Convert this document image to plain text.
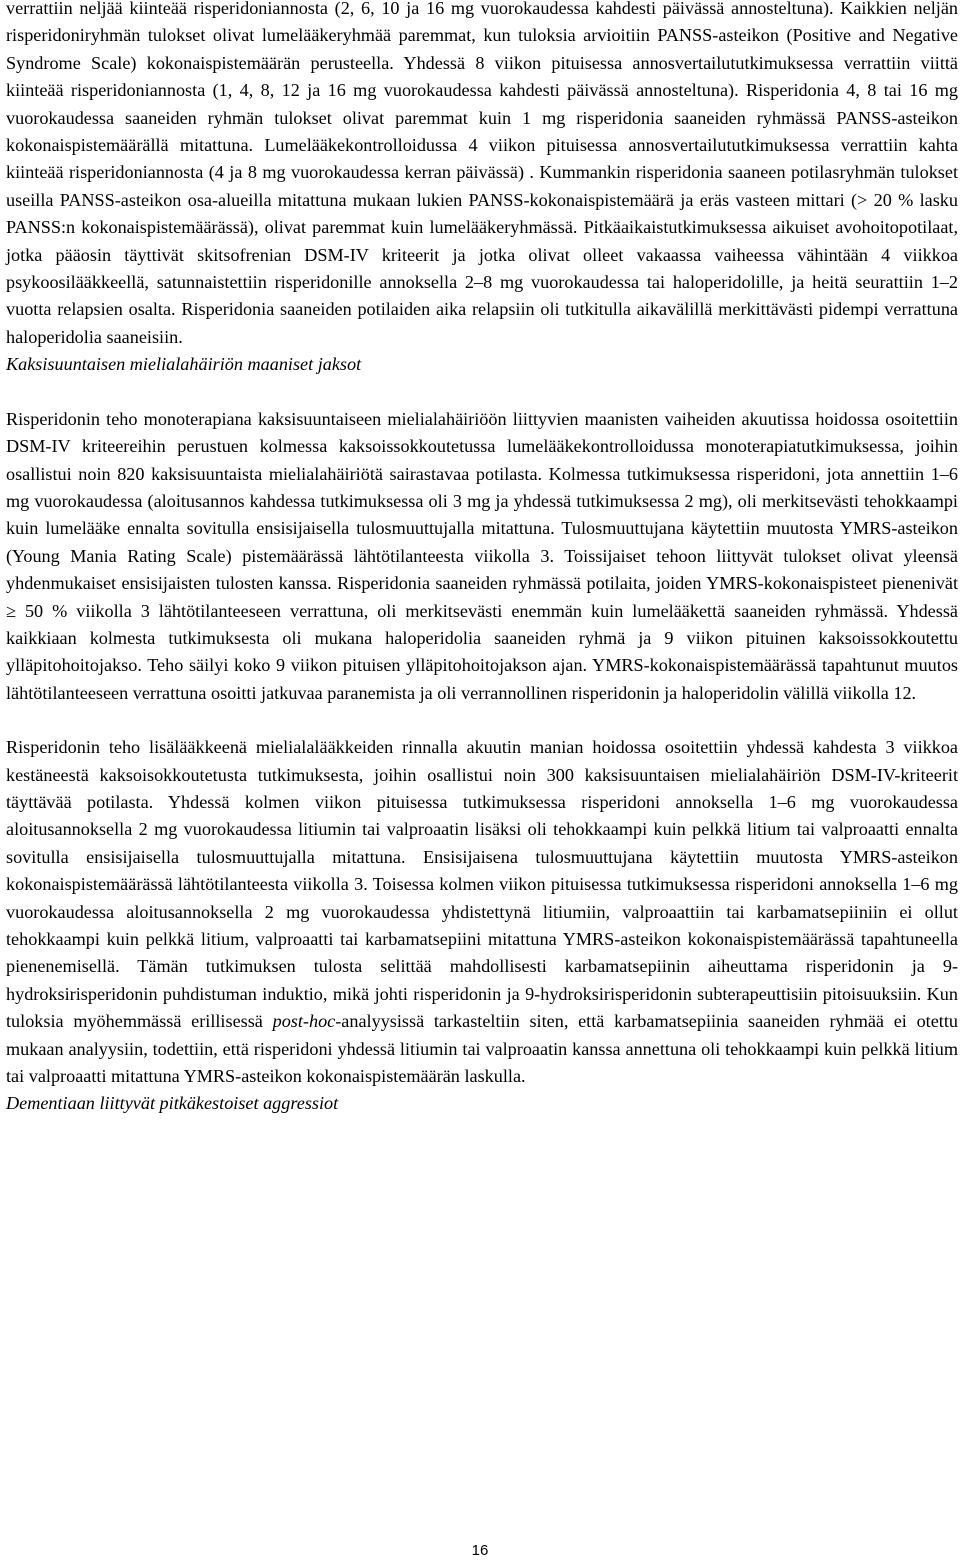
verrattiin neljää kiinteää risperidoniannosta (2, 6, 10 ja 16 mg vuorokaudessa kahdesti päivässä annosteltuna). Kaikkien neljän risperidoniryhmän tulokset olivat lumelääkeryhmää paremmat, kun tuloksia arvioitiin PANSS-asteikon (Positive and Negative Syndrome Scale) kokonaispistemäärän perusteella. Yhdessä 8 viikon pituisessa annosvertailututkimuksessa verrattiin viittä kiinteää risperidoniannosta (1, 4, 8, 12 ja 16 mg vuorokaudessa kahdesti päivässä annosteltuna). Risperidonia 4, 8 tai 16 mg vuorokaudessa saaneiden ryhmän tulokset olivat paremmat kuin 1 mg risperidonia saaneiden ryhmässä PANSS-asteikon kokonaispistemäärällä mitattuna. Lumelääkekontrolloidussa 4 viikon pituisessa annosvertailututkimuksessa verrattiin kahta kiinteää risperidoniannosta (4 ja 8 mg vuorokaudessa kerran päivässä) . Kummankin risperidonia saaneen potilasryhmän tulokset useilla PANSS-asteikon osa-alueilla mitattuna mukaan lukien PANSS-kokonaispistemäärä ja eräs vasteen mittari (> 20 % lasku PANSS:n kokonaispistemäärässä), olivat paremmat kuin lumelääkeryhmässä. Pitkäaikaistutkimuksessa aikuiset avohoitopotilaat, jotka pääosin täyttivät skitsofrenian DSM-IV kriteerit ja jotka olivat olleet vakaassa vaiheessa vähintään 4 viikkoa psykoosilääkkeellä, satunnaistettiin risperidonille annoksella 2–8 mg vuorokaudessa tai haloperidolille, ja heitä seurattiin 1–2 vuotta relapsien osalta. Risperidonia saaneiden potilaiden aika relapsiin oli tutkitulla aikavälillä merkittävästi pidempi verrattuna haloperidolia saaneisiin.

Kaksisuuntaisen mielialahäiriön maaniset jaksot

Risperidonin teho monoterapiana kaksisuuntaiseen mielialahäiriöön liittyvien maanisten vaiheiden akuutissa hoidossa osoitettiin DSM-IV kriteereihin perustuen kolmessa kaksoissokkoutetussa lumelääkekontrolloidussa monoterapiatutkimuksessa, joihin osallistui noin 820 kaksisuuntaista mielialahäiriötä sairastavaa potilasta. Kolmessa tutkimuksessa risperidoni, jota annettiin 1–6 mg vuorokaudessa (aloitusannos kahdessa tutkimuksessa oli 3 mg ja yhdessä tutkimuksessa 2 mg), oli merkitsevästi tehokkaampi kuin lumelääke ennalta sovitulla ensisijaisella tulosmuuttujalla mitattuna. Tulosmuuttujana käytettiin muutosta YMRS-asteikon (Young Mania Rating Scale) pistemäärässä lähtötilanteesta viikolla 3. Toissijaiset tehoon liittyvät tulokset olivat yleensä yhdenmukaiset ensisijaisten tulosten kanssa. Risperidonia saaneiden ryhmässä potilaita, joiden YMRS-kokonaispisteet pienenivät ≥ 50 % viikolla 3 lähtötilanteeseen verrattuna, oli merkitsevästi enemmän kuin lumelääkettä saaneiden ryhmässä. Yhdessä kaikkiaan kolmesta tutkimuksesta oli mukana haloperidolia saaneiden ryhmä ja 9 viikon pituinen kaksoissokkoutettu ylläpitohoitojakso. Teho säilyi koko 9 viikon pituisen ylläpitohoitojakson ajan. YMRS-kokonaispistemäärässä tapahtunut muutos lähtötilanteeseen verrattuna osoitti jatkuvaa paranemista ja oli verrannollinen risperidonin ja haloperidolin välillä viikolla 12.

Risperidonin teho lisälääkkeenä mielialalääkkeiden rinnalla akuutin manian hoidossa osoitettiin yhdessä kahdesta 3 viikkoa kestäneestä kaksoisokkoutetusta tutkimuksesta, joihin osallistui noin 300 kaksisuuntaisen mielialahäiriön DSM-IV-kriteerit täyttävää potilasta. Yhdessä kolmen viikon pituisessa tutkimuksessa risperidoni annoksella 1–6 mg vuorokaudessa aloitusannoksella 2 mg vuorokaudessa litiumin tai valproaatin lisäksi oli tehokkaampi kuin pelkkä litium tai valproaatti ennalta sovitulla ensisijaisella tulosmuuttujalla mitattuna. Ensisijaisena tulosmuuttujana käytettiin muutosta YMRS-asteikon kokonaispistemäärässä lähtötilanteesta viikolla 3. Toisessa kolmen viikon pituisessa tutkimuksessa risperidoni annoksella 1–6 mg vuorokaudessa aloitusannoksella 2 mg vuorokaudessa yhdistettynä litiumiin, valproaattiin tai karbamatsepiiniin ei ollut tehokkaampi kuin pelkkä litium, valproaatti tai karbamatsepiini mitattuna YMRS-asteikon kokonaispistemäärässä tapahtuneella pienenemisellä. Tämän tutkimuksen tulosta selittää mahdollisesti karbamatsepiinin aiheuttama risperidonin ja 9-hydroksirisperidonin puhdistuman induktio, mikä johti risperidonin ja 9-hydroksirisperidonin subterapeuttisiin pitoisuuksiin. Kun tuloksia myöhemmässä erillisessä post-hoc-analyysissä tarkasteltiin siten, että karbamatsepiinia saaneiden ryhmää ei otettu mukaan analyysiin, todettiin, että risperidoni yhdessä litiumin tai valproaatin kanssa annettuna oli tehokkaampi kuin pelkkä litium tai valproaatti mitattuna YMRS-asteikon kokonaispistemäärän laskulla.

Dementiaan liittyvät pitkäkestoiset aggressiot

16
